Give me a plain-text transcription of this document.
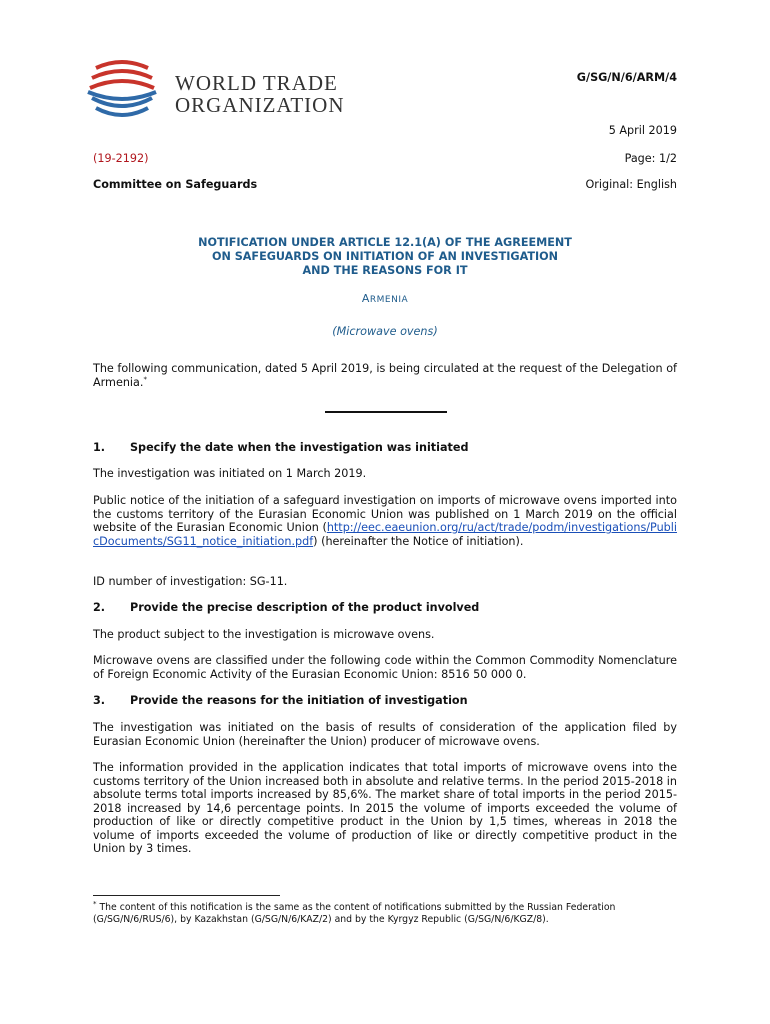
WORLD TRADE
ORGANIZATION
G/SG/N/6/ARM/4
5 April 2019
(19-2192)	Page: 1/2
Committee on Safeguards	Original: English
NOTIFICATION UNDER ARTICLE 12.1(A) OF THE AGREEMENT
ON SAFEGUARDS ON INITIATION OF AN INVESTIGATION
AND THE REASONS FOR IT
ARMENIA
(Microwave ovens)
The following communication, dated 5 April 2019, is being circulated at the request of the Delegation of Armenia.*
1. Specify the date when the investigation was initiated
The investigation was initiated on 1 March 2019.
Public notice of the initiation of a safeguard investigation on imports of microwave ovens imported into the customs territory of the Eurasian Economic Union was published on 1 March 2019 on the official website of the Eurasian Economic Union (http://eec.eaeunion.org/ru/act/trade/podm/investigations/PublicDocuments/SG11_notice_initiation.pdf) (hereinafter the Notice of initiation).
ID number of investigation: SG-11.
2. Provide the precise description of the product involved
The product subject to the investigation is microwave ovens.
Microwave ovens are classified under the following code within the Common Commodity Nomenclature of Foreign Economic Activity of the Eurasian Economic Union: 8516 50 000 0.
3. Provide the reasons for the initiation of investigation
The investigation was initiated on the basis of results of consideration of the application filed by Eurasian Economic Union (hereinafter the Union) producer of microwave ovens.
The information provided in the application indicates that total imports of microwave ovens into the customs territory of the Union increased both in absolute and relative terms. In the period 2015-2018 in absolute terms total imports increased by 85,6%. The market share of total imports in the period 2015-2018 increased by 14,6 percentage points. In 2015 the volume of imports exceeded the volume of production of like or directly competitive product in the Union by 1,5 times, whereas in 2018 the volume of imports exceeded the volume of production of like or directly competitive product in the Union by 3 times.
* The content of this notification is the same as the content of notifications submitted by the Russian Federation (G/SG/N/6/RUS/6), by Kazakhstan (G/SG/N/6/KAZ/2) and by the Kyrgyz Republic (G/SG/N/6/KGZ/8).
